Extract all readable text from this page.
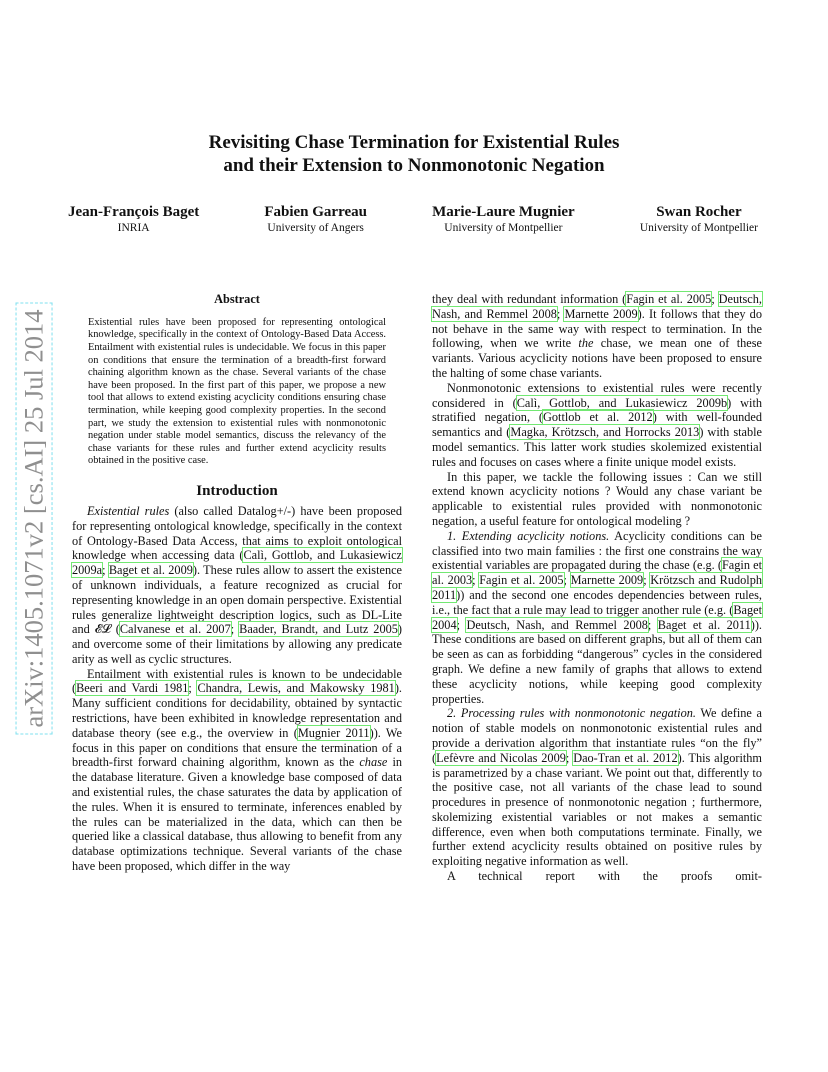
arXiv:1405.1071v2 [cs.AI] 25 Jul 2014
Revisiting Chase Termination for Existential Rules
and their Extension to Nonmonotonic Negation
Jean-François Baget
INRIA
Fabien Garreau
University of Angers
Marie-Laure Mugnier
University of Montpellier
Swan Rocher
University of Montpellier
Abstract

Existential rules have been proposed for representing ontological knowledge, specifically in the context of Ontology-Based Data Access. Entailment with existential rules is undecidable. We focus in this paper on conditions that ensure the termination of a breadth-first forward chaining algorithm known as the chase. Several variants of the chase have been proposed. In the first part of this paper, we propose a new tool that allows to extend existing acyclicity conditions ensuring chase termination, while keeping good complexity properties. In the second part, we study the extension to existential rules with nonmonotonic negation under stable model semantics, discuss the relevancy of the chase variants for these rules and further extend acyclicity results obtained in the positive case.

Introduction

Existential rules (also called Datalog+/-) have been proposed for representing ontological knowledge, specifically in the context of Ontology-Based Data Access, that aims to exploit ontological knowledge when accessing data (Calì, Gottlob, and Lukasiewicz 2009a; Baget et al. 2009). These rules allow to assert the existence of unknown individuals, a feature recognized as crucial for representing knowledge in an open domain perspective. Existential rules generalize lightweight description logics, such as DL-Lite and 𝓔𝓛 (Calvanese et al. 2007; Baader, Brandt, and Lutz 2005) and overcome some of their limitations by allowing any predicate arity as well as cyclic structures.

Entailment with existential rules is known to be undecidable (Beeri and Vardi 1981; Chandra, Lewis, and Makowsky 1981). Many sufficient conditions for decidability, obtained by syntactic restrictions, have been exhibited in knowledge representation and database theory (see e.g., the overview in (Mugnier 2011)). We focus in this paper on conditions that ensure the termination of a breadth-first forward chaining algorithm, known as the chase in the database literature. Given a knowledge base composed of data and existential rules, the chase saturates the data by application of the rules. When it is ensured to terminate, inferences enabled by the rules can be materialized in the data, which can then be queried like a classical database, thus allowing to benefit from any database optimizations technique. Several variants of the chase have been proposed, which differ in the way

they deal with redundant information (Fagin et al. 2005; Deutsch, Nash, and Remmel 2008; Marnette 2009). It follows that they do not behave in the same way with respect to termination. In the following, when we write the chase, we mean one of these variants. Various acyclicity notions have been proposed to ensure the halting of some chase variants.

Nonmonotonic extensions to existential rules were recently considered in (Calì, Gottlob, and Lukasiewicz 2009b) with stratified negation, (Gottlob et al. 2012) with well-founded semantics and (Magka, Krötzsch, and Horrocks 2013) with stable model semantics. This latter work studies skolemized existential rules and focuses on cases where a finite unique model exists.

In this paper, we tackle the following issues : Can we still extend known acyclicity notions ? Would any chase variant be applicable to existential rules provided with nonmonotonic negation, a useful feature for ontological modeling ?

1. Extending acyclicity notions. Acyclicity conditions can be classified into two main families : the first one constrains the way existential variables are propagated during the chase (e.g. (Fagin et al. 2003; Fagin et al. 2005; Marnette 2009; Krötzsch and Rudolph 2011)) and the second one encodes dependencies between rules, i.e., the fact that a rule may lead to trigger another rule (e.g. (Baget 2004; Deutsch, Nash, and Remmel 2008; Baget et al. 2011)). These conditions are based on different graphs, but all of them can be seen as can as forbidding “dangerous” cycles in the considered graph. We define a new family of graphs that allows to extend these acyclicity notions, while keeping good complexity properties.

2. Processing rules with nonmonotonic negation. We define a notion of stable models on nonmonotonic existential rules and provide a derivation algorithm that instantiate rules “on the fly” (Lefèvre and Nicolas 2009; Dao-Tran et al. 2012). This algorithm is parametrized by a chase variant. We point out that, differently to the positive case, not all variants of the chase lead to sound procedures in presence of nonmonotonic negation ; furthermore, skolemizing existential variables or not makes a semantic difference, even when both computations terminate. Finally, we further extend acyclicity results obtained on positive rules by exploiting negative information as well.

A technical report with the proofs omit-
